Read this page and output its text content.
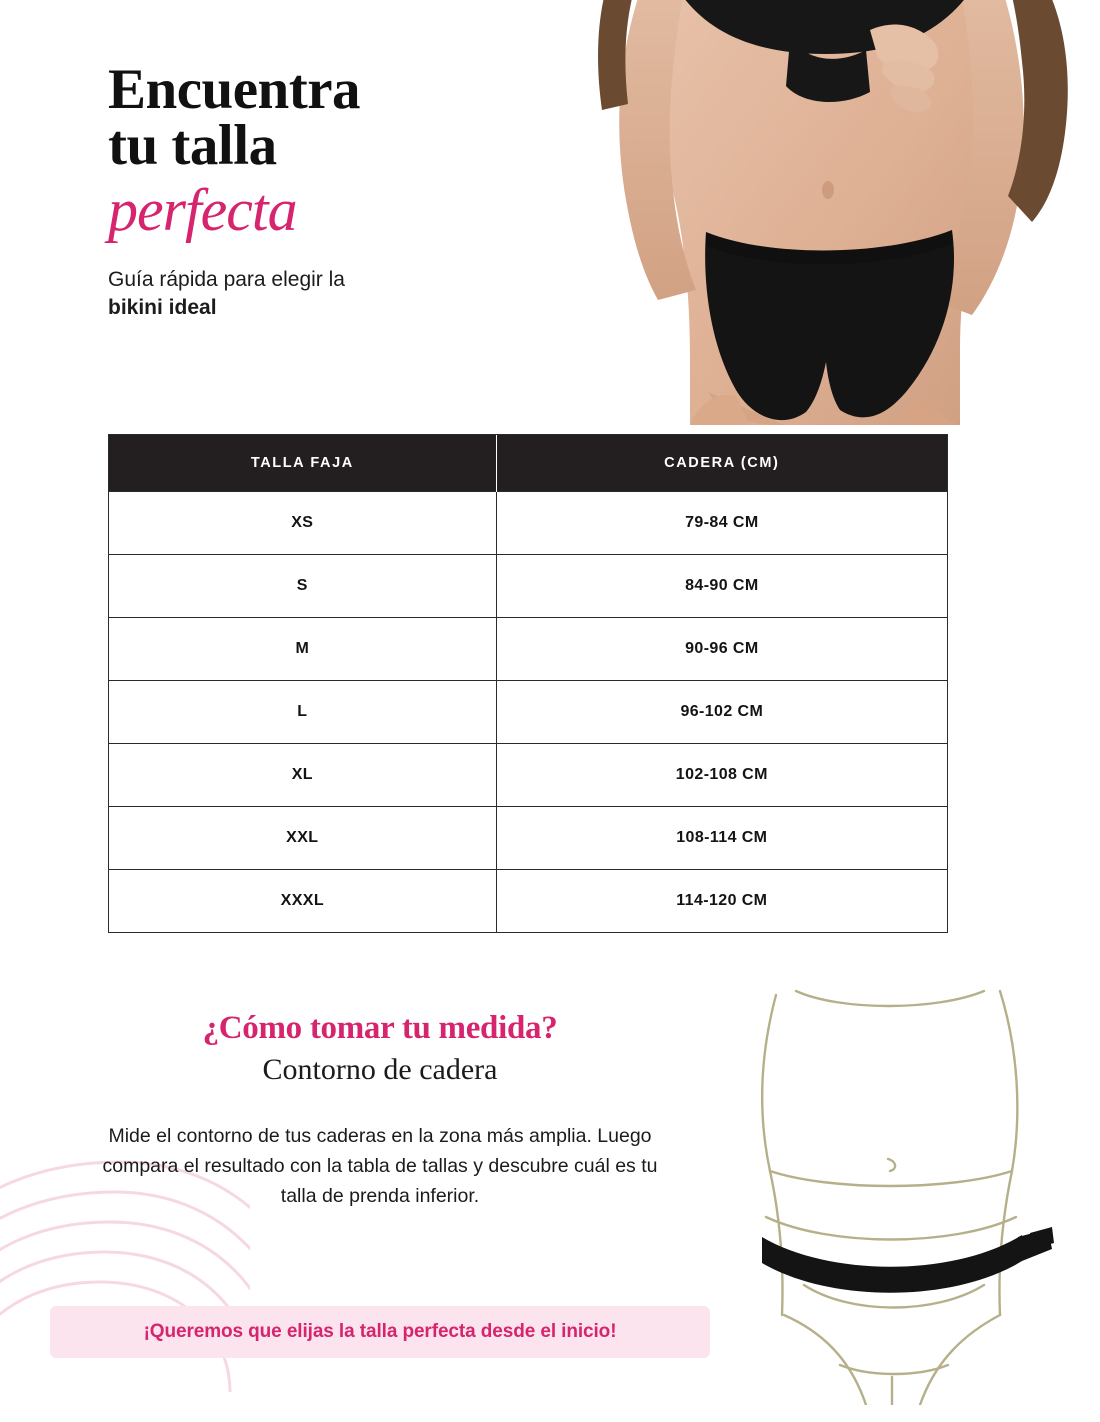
Encuentra
tu talla
perfecta
Guía rápida para elegir la
bikini ideal
TALLA FAJA	CADERA (CM)
XS	79-84 CM
S	84-90 CM
M	90-96 CM
L	96-102 CM
XL	102-108 CM
XXL	108-114 CM
XXXL	114-120 CM
¿Cómo tomar tu medida?
Contorno de cadera

Mide el contorno de tus caderas en la zona más amplia. Luego compara el resultado con la tabla de tallas y descubre cuál es tu talla de prenda inferior.

¡Queremos que elijas la talla perfecta desde el inicio!
